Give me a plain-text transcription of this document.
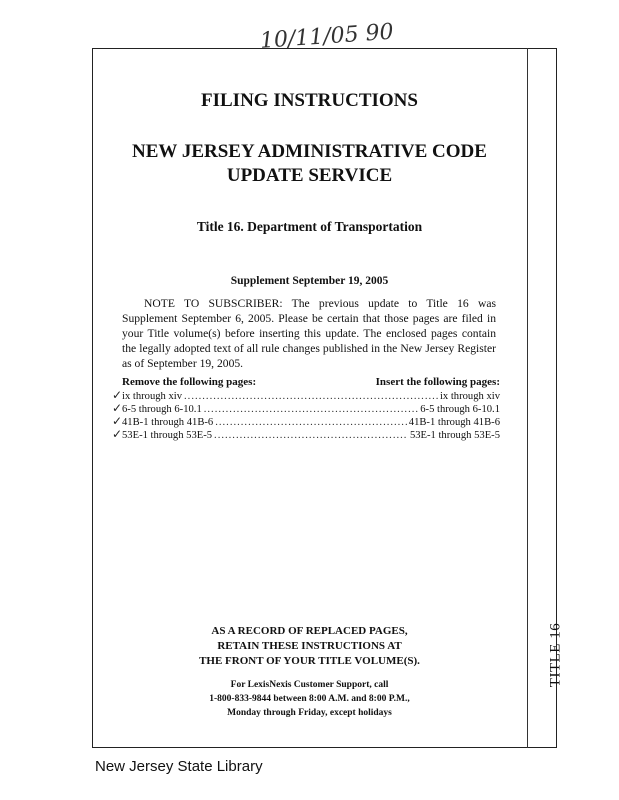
10/11/05 90
TITLE 16
FILING INSTRUCTIONS
NEW JERSEY ADMINISTRATIVE CODE
UPDATE SERVICE
Title 16. Department of Transportation
Supplement September 19, 2005
NOTE TO SUBSCRIBER: The previous update to Title 16 was Supplement September 6, 2005. Please be certain that those pages are filed in your Title volume(s) before inserting this update. The enclosed pages contain the legally adopted text of all rule changes published in the New Jersey Register as of September 19, 2005.
Remove the following pages:	Insert the following pages:
✓ ix through xiv .....	ix through xiv
✓ 6-5 through 6-10.1 .....	6-5 through 6-10.1
✓ 41B-1 through 41B-6 .....	41B-1 through 41B-6
✓ 53E-1 through 53E-5 .....	53E-1 through 53E-5
AS A RECORD OF REPLACED PAGES,
RETAIN THESE INSTRUCTIONS AT
THE FRONT OF YOUR TITLE VOLUME(S).
For LexisNexis Customer Support, call
1-800-833-9844 between 8:00 A.M. and 8:00 P.M.,
Monday through Friday, except holidays
New Jersey State Library
